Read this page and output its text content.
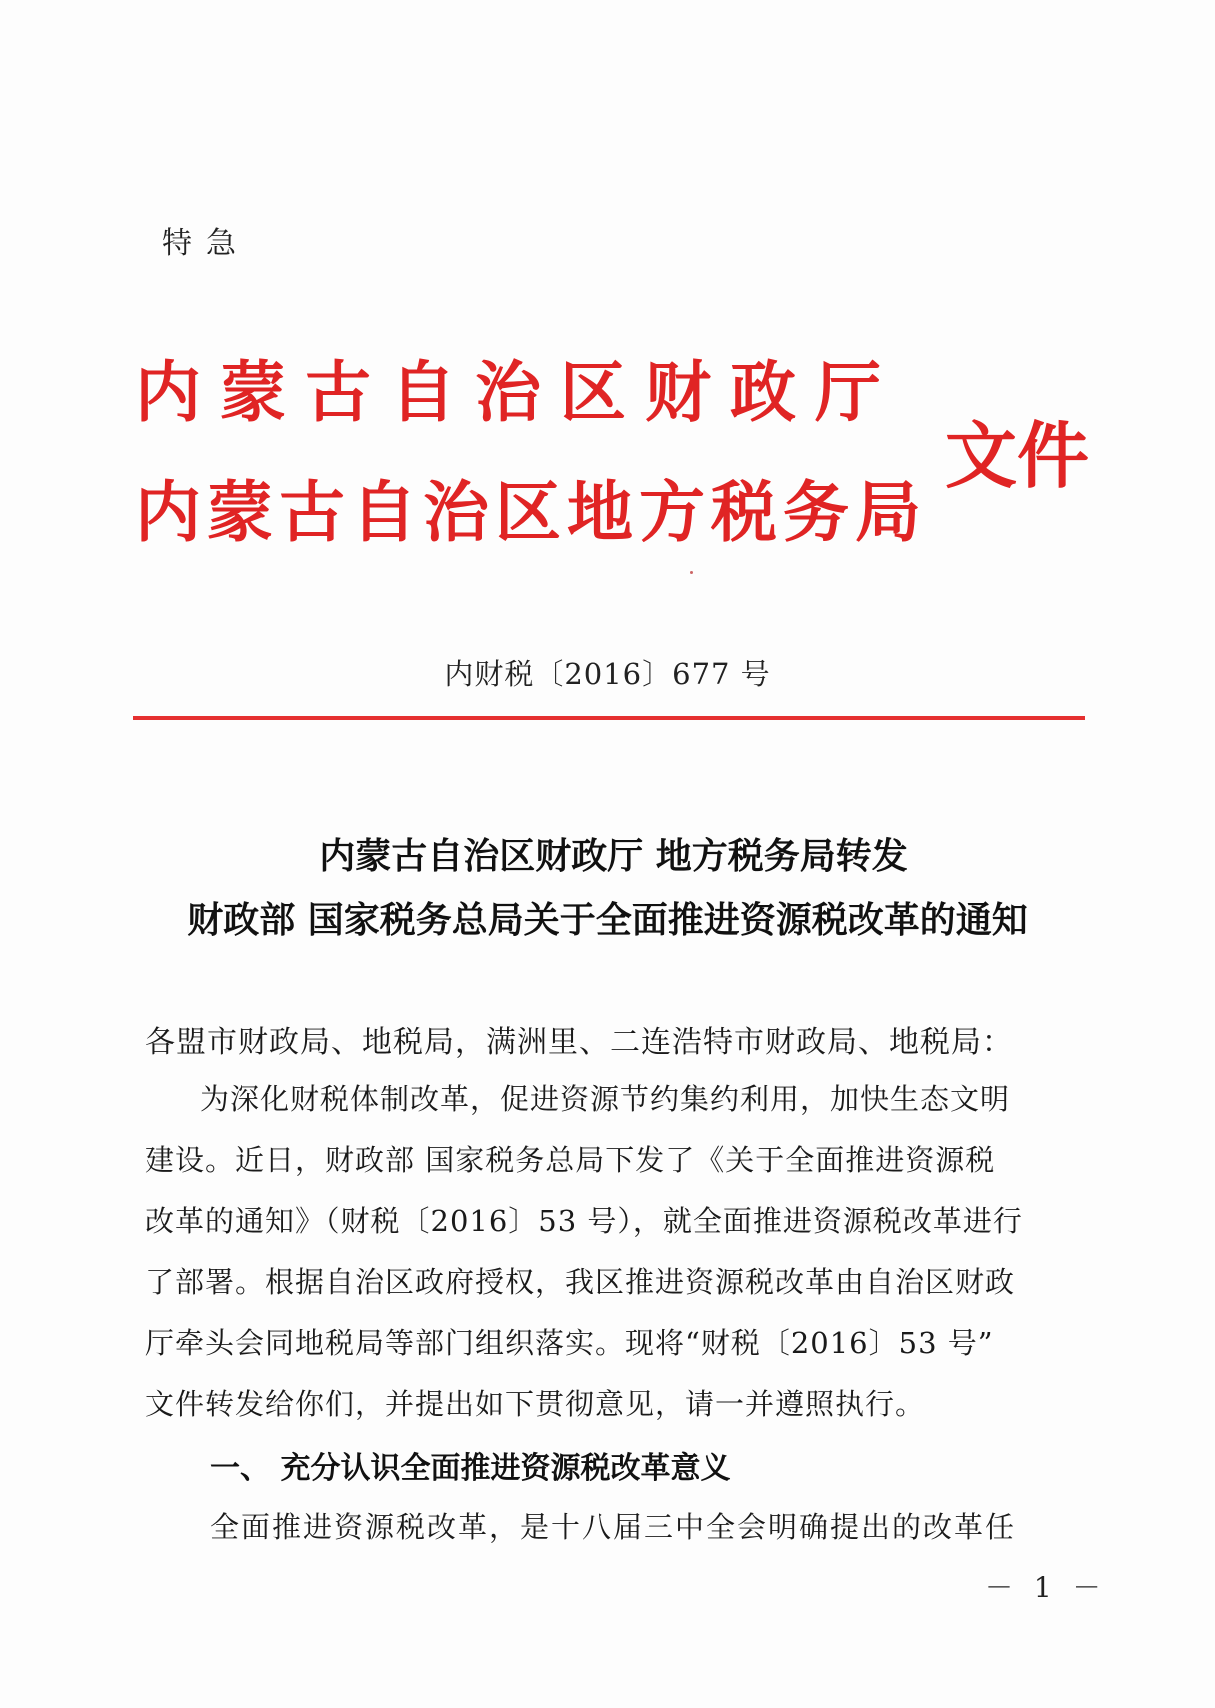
特急
内蒙古自治区财政厅
内蒙古自治区地方税务局
文件
内财税〔2016〕677 号
内蒙古自治区财政厅 地方税务局转发
财政部 国家税务总局关于全面推进资源税改革的通知
各盟市财政局、地税局，满洲里、二连浩特市财政局、地税局：
为深化财税体制改革，促进资源节约集约利用，加快生态文明
建设。近日，财政部 国家税务总局下发了《关于全面推进资源税
改革的通知》（财税〔2016〕53 号），就全面推进资源税改革进行
了部署。根据自治区政府授权，我区推进资源税改革由自治区财政
厅牵头会同地税局等部门组织落实。现将“财税〔2016〕53 号”
文件转发给你们，并提出如下贯彻意见，请一并遵照执行。
一、 充分认识全面推进资源税改革意义
全面推进资源税改革，是十八届三中全会明确提出的改革任
－ 1 －
